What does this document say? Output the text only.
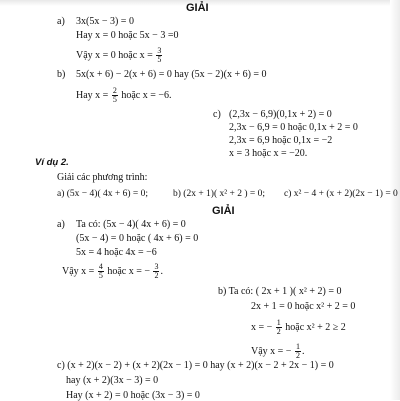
GIẢI
a) 3x(5x − 3) = 0
Hay x = 0 hoặc 5x − 3 =0
Vậy x = 0 hoặc $x = \frac{3}{5}$
b) 5x(x + 6) − 2(x + 6) = 0 hay (5x − 2)(x + 6) = 0
Hay $x = \frac{2}{5}$ hoặc x = −6.
c) (2,3x − 6,9)(0,1x + 2) = 0
2,3x − 6,9 = 0 hoặc 0,1x + 2 = 0
2,3x = 6,9 hoặc 0,1x = −2
x = 3 hoặc x = −20.
Ví dụ 2.
Giải các phương trình:
a) (5x − 4)( 4x + 6) = 0;	b) (2x + 1)( x² + 2 ) = 0; c) x² − 4 + (x + 2)(2x − 1) = 0
GIẢI
a) Ta có: (5x − 4)( 4x + 6) = 0
(5x − 4) = 0 hoặc ( 4x + 6) = 0
5x = 4 hoặc 4x = −6
Vậy $x = \frac{4}{5}$ hoặc x = − $\frac{3}{2}$ .
b) Ta có: ( 2x + 1 )( x² + 2) = 0
2x + 1 = 0 hoặc x² + 2 = 0
x = − $\frac{1}{2}$ hoặc x² + 2 ≥ 2
Vậy x = − $\frac{1}{2}$ .
c) (x + 2)(x − 2) + (x + 2)(2x − 1) = 0 hay (x + 2)(x − 2 + 2x − 1) = 0
hay (x + 2)(3x − 3) = 0
Hay (x + 2) = 0 hoặc (3x − 3) = 0
